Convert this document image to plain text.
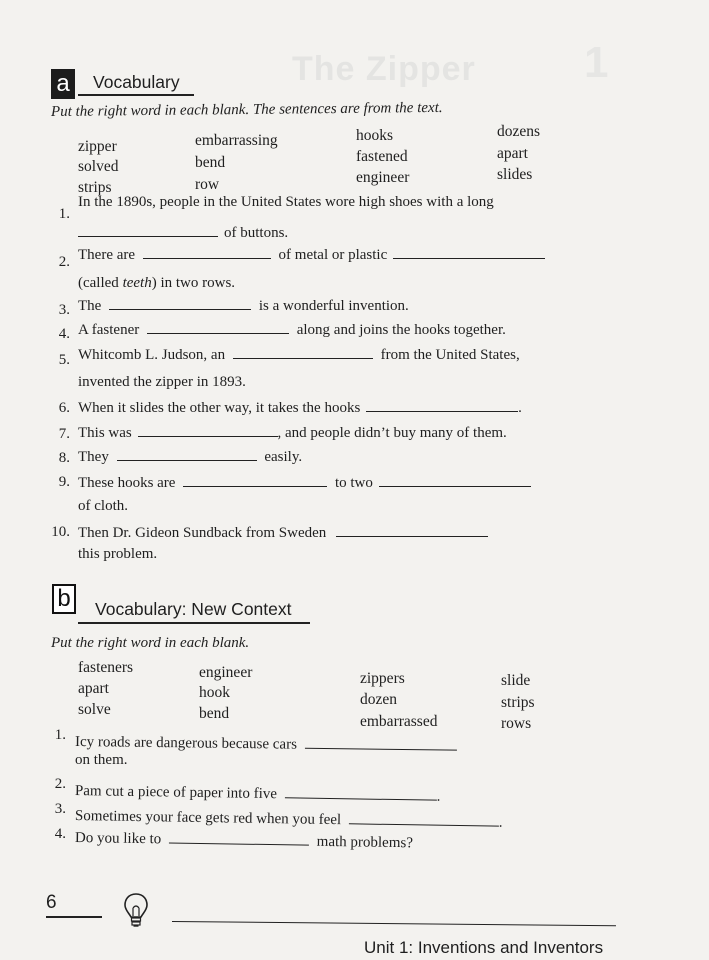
The Zipper 1
a	Vocabulary
Put the right word in each blank. The sentences are from the text.
zipper
solved
strips
embarrassing
bend
row
hooks
fastened
engineer
dozens
apart
slides
1.
In the 1890s, people in the United States wore high shoes with a long
of buttons.
2. There are	of metal or plastic
(called teeth) in two rows.
3. The	is a wonderful invention.
4. A fastener	along and joins the hooks together.
5. Whitcomb L. Judson, an	from the United States,
invented the zipper in 1893.
6. When it slides the other way, it takes the hooks	.
7. This was	, and people didn’t buy many of them.
8. They	easily.
9. These hooks are	to two
of cloth.
10. Then Dr. Gideon Sundback from Sweden
this problem.
b	Vocabulary: New Context
Put the right word in each blank.
fasteners
apart
solve
engineer
hook
bend
zippers
dozen
embarrassed
slide
strips
rows
1. Icy roads are dangerous because cars
on them.
2. Pam cut a piece of paper into five	.
3. Sometimes your face gets red when you feel	.
4. Do you like to	math problems?
6
Unit 1: Inventions and Inventors
